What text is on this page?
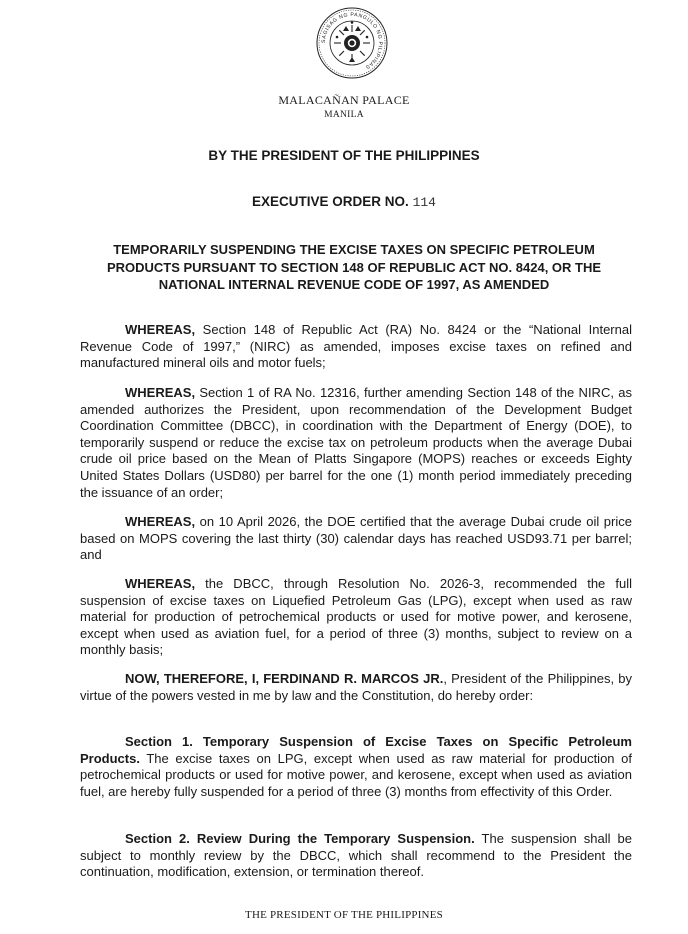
SAGISAG NG PANGULO NG PILIPINAS
MALACAÑAN PALACE
MANILA
BY THE PRESIDENT OF THE PHILIPPINES
EXECUTIVE ORDER NO. 114
TEMPORARILY SUSPENDING THE EXCISE TAXES ON SPECIFIC PETROLEUM
PRODUCTS PURSUANT TO SECTION 148 OF REPUBLIC ACT NO. 8424, OR THE
NATIONAL INTERNAL REVENUE CODE OF 1997, AS AMENDED
WHEREAS, Section 148 of Republic Act (RA) No. 8424 or the “National Internal Revenue Code of 1997,” (NIRC) as amended, imposes excise taxes on refined and manufactured mineral oils and motor fuels;
WHEREAS, Section 1 of RA No. 12316, further amending Section 148 of the NIRC, as amended authorizes the President, upon recommendation of the Development Budget Coordination Committee (DBCC), in coordination with the Department of Energy (DOE), to temporarily suspend or reduce the excise tax on petroleum products when the average Dubai crude oil price based on the Mean of Platts Singapore (MOPS) reaches or exceeds Eighty United States Dollars (USD80) per barrel for the one (1) month period immediately preceding the issuance of an order;
WHEREAS, on 10 April 2026, the DOE certified that the average Dubai crude oil price based on MOPS covering the last thirty (30) calendar days has reached USD93.71 per barrel; and
WHEREAS, the DBCC, through Resolution No. 2026-3, recommended the full suspension of excise taxes on Liquefied Petroleum Gas (LPG), except when used as raw material for production of petrochemical products or used for motive power, and kerosene, except when used as aviation fuel, for a period of three (3) months, subject to review on a monthly basis;
NOW, THEREFORE, I, FERDINAND R. MARCOS JR., President of the Philippines, by virtue of the powers vested in me by law and the Constitution, do hereby order:
Section 1. Temporary Suspension of Excise Taxes on Specific Petroleum Products. The excise taxes on LPG, except when used as raw material for production of petrochemical products or used for motive power, and kerosene, except when used as aviation fuel, are hereby fully suspended for a period of three (3) months from effectivity of this Order.
Section 2. Review During the Temporary Suspension. The suspension shall be subject to monthly review by the DBCC, which shall recommend to the President the continuation, modification, extension, or termination thereof.
THE PRESIDENT OF THE PHILIPPINES
